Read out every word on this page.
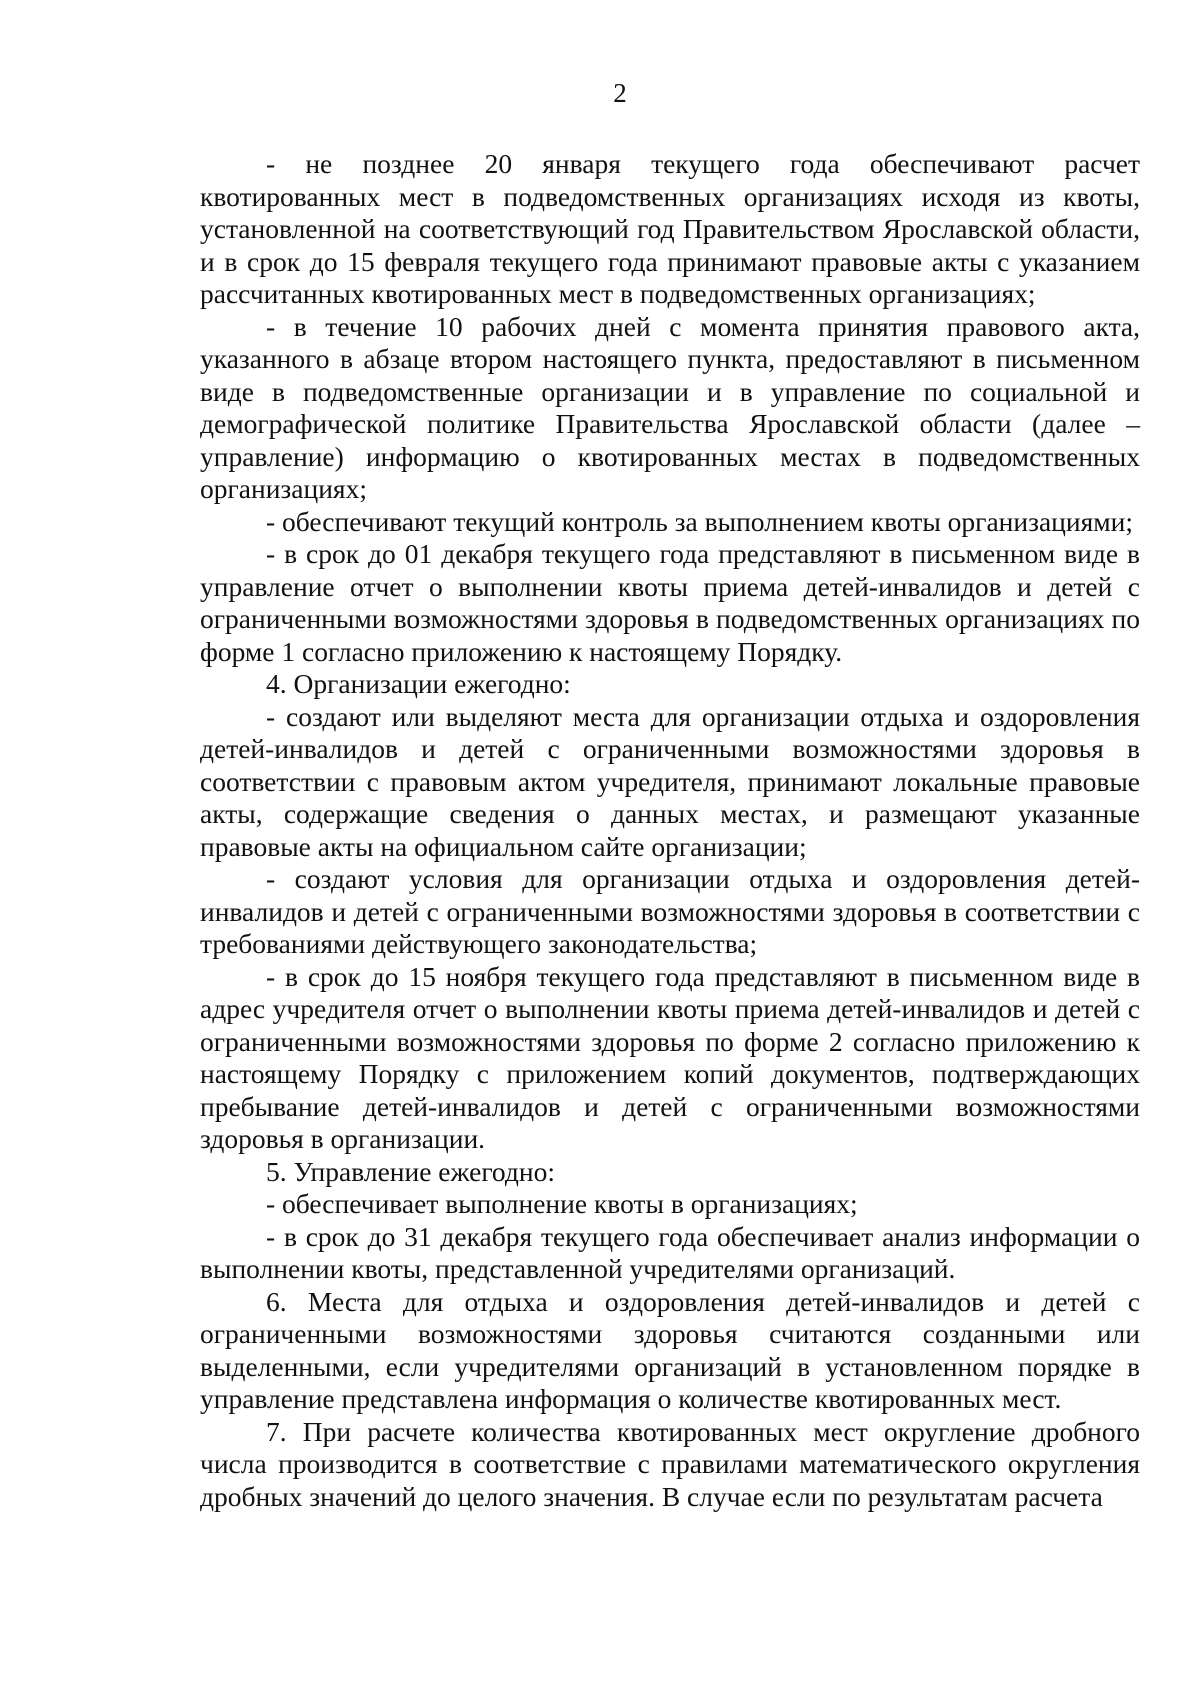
2

- не позднее 20 января текущего года обеспечивают расчет квотированных мест в подведомственных организациях исходя из квоты, установленной на соответствующий год Правительством Ярославской области, и в срок до 15 февраля текущего года принимают правовые акты с указанием рассчитанных квотированных мест в подведомственных организациях;

- в течение 10 рабочих дней с момента принятия правового акта, указанного в абзаце втором настоящего пункта, предоставляют в письменном виде в подведомственные организации и в управление по социальной и демографической политике Правительства Ярославской области (далее – управление) информацию о квотированных местах в подведомственных организациях;

- обеспечивают текущий контроль за выполнением квоты организациями;

- в срок до 01 декабря текущего года представляют в письменном виде в управление отчет о выполнении квоты приема детей-инвалидов и детей с ограниченными возможностями здоровья в подведомственных организациях по форме 1 согласно приложению к настоящему Порядку.

4. Организации ежегодно:

- создают или выделяют места для организации отдыха и оздоровления детей-инвалидов и детей с ограниченными возможностями здоровья в соответствии с правовым актом учредителя, принимают локальные правовые акты, содержащие сведения о данных местах, и размещают указанные правовые акты на официальном сайте организации;

- создают условия для организации отдыха и оздоровления детей-инвалидов и детей с ограниченными возможностями здоровья в соответствии с требованиями действующего законодательства;

- в срок до 15 ноября текущего года представляют в письменном виде в адрес учредителя отчет о выполнении квоты приема детей-инвалидов и детей с ограниченными возможностями здоровья по форме 2 согласно приложению к настоящему Порядку с приложением копий документов, подтверждающих пребывание детей-инвалидов и детей с ограниченными возможностями здоровья в организации.

5. Управление ежегодно:

- обеспечивает выполнение квоты в организациях;

- в срок до 31 декабря текущего года обеспечивает анализ информации о выполнении квоты, представленной учредителями организаций.

6. Места для отдыха и оздоровления детей-инвалидов и детей с ограниченными возможностями здоровья считаются созданными или выделенными, если учредителями организаций в установленном порядке в управление представлена информация о количестве квотированных мест.

7. При расчете количества квотированных мест округление дробного числа производится в соответствие с правилами математического округления дробных значений до целого значения. В случае если по результатам расчета
